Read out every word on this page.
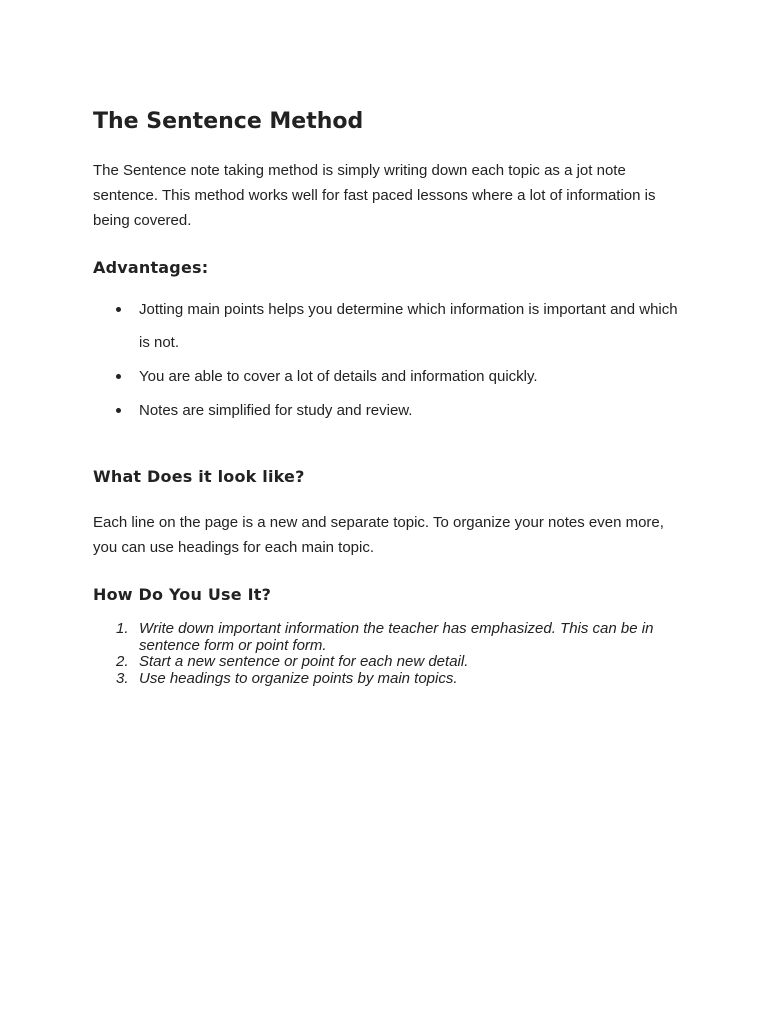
The Sentence Method

The Sentence note taking method is simply writing down each topic as a jot note sentence. This method works well for fast paced lessons where a lot of information is being covered.

Advantages:
Jotting main points helps you determine which information is important and which is not.
You are able to cover a lot of details and information quickly.
Notes are simplified for study and review.
What Does it look like?

Each line on the page is a new and separate topic. To organize your notes even more, you can use headings for each main topic.

How Do You Use It?
1. Write down important information the teacher has emphasized. This can be in sentence form or point form.
2. Start a new sentence or point for each new detail.
3. Use headings to organize points by main topics.
